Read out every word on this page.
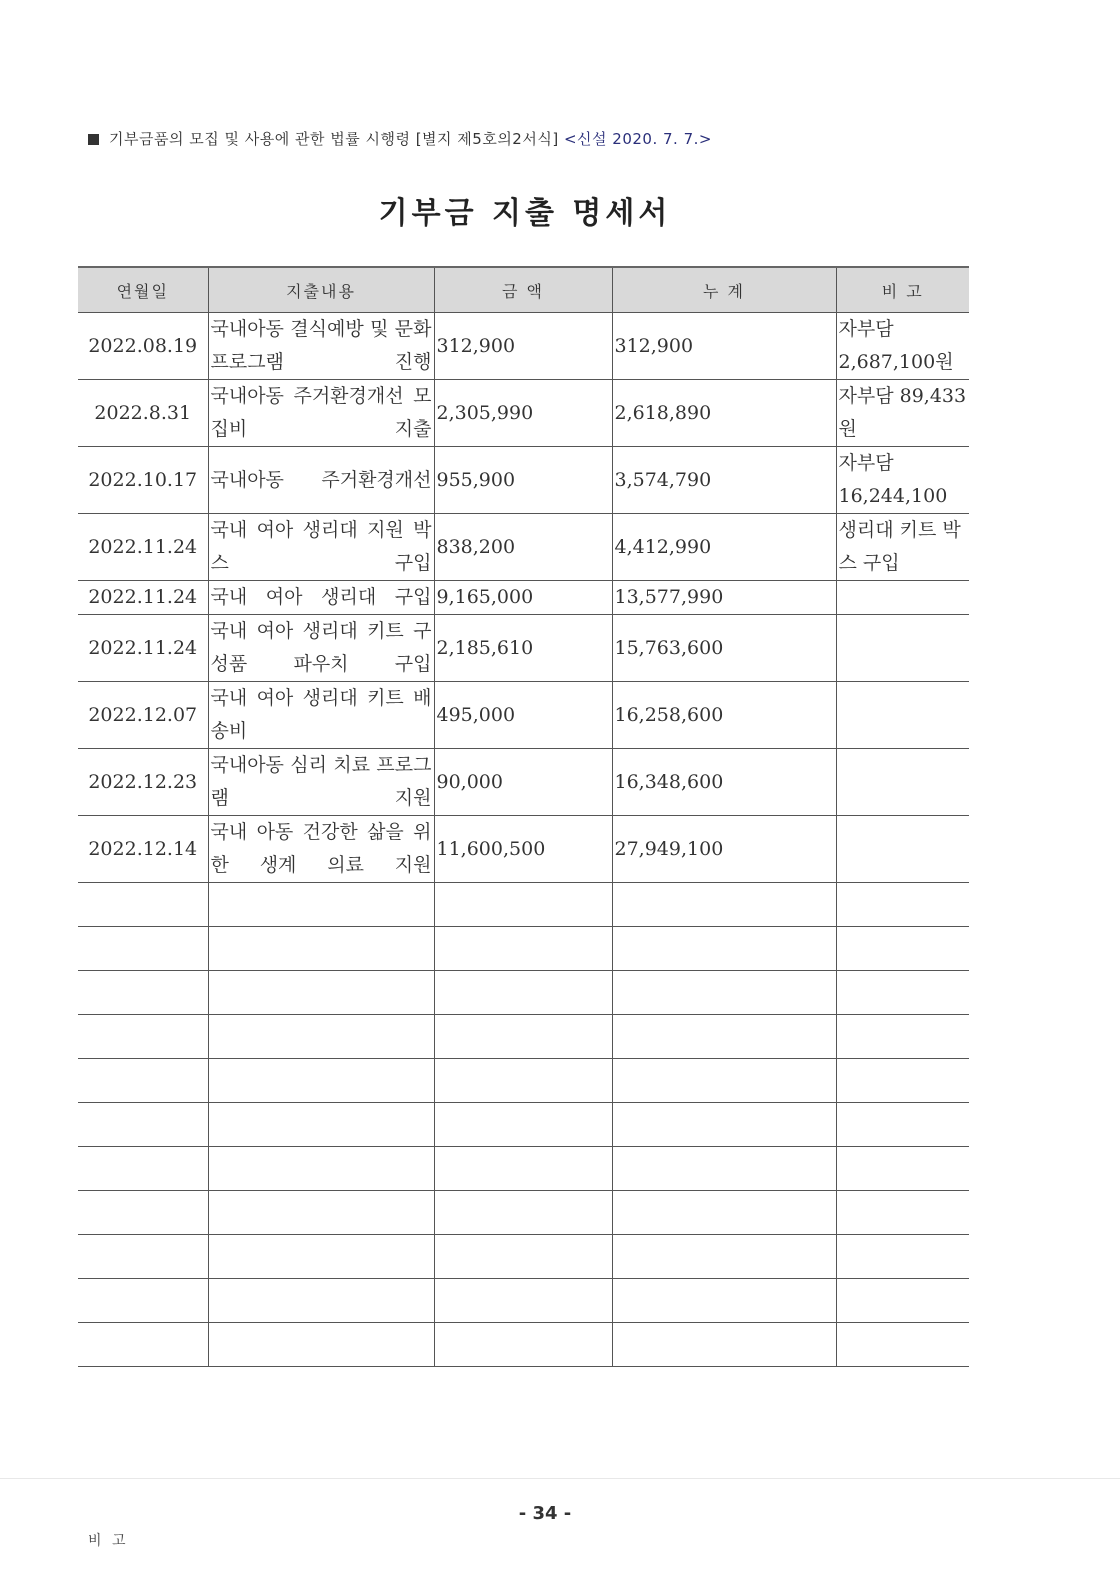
기부금품의 모집 및 사용에 관한 법률 시행령 [별지 제5호의2서식] <신설 2020. 7. 7.>
기부금 지출 명세서
연월일	지출내용	금 액	누 계	비 고
2022.08.19	국내아동 결식예방 및 문화 프로그램 진행	312,900	312,900	자부담 2,687,100원
2022.8.31	국내아동 주거환경개선 모집비 지출	2,305,990	2,618,890	자부담 89,433원
2022.10.17	국내아동 주거환경개선	955,900	3,574,790	자부담 16,244,100
2022.11.24	국내 여아 생리대 지원 박스 구입	838,200	4,412,990	생리대 키트 박스 구입
2022.11.24	국내 여아 생리대 구입	9,165,000	13,577,990	
2022.11.24	국내 여아 생리대 키트 구성품 파우치 구입	2,185,610	15,763,600	
2022.12.07	국내 여아 생리대 키트 배송비	495,000	16,258,600	
2022.12.23	국내아동 심리 치료 프로그램 지원	90,000	16,348,600	
2022.12.14	국내 아동 건강한 삶을 위한 생계 의료 지원	11,600,500	27,949,100	

- 34 -
비 고
